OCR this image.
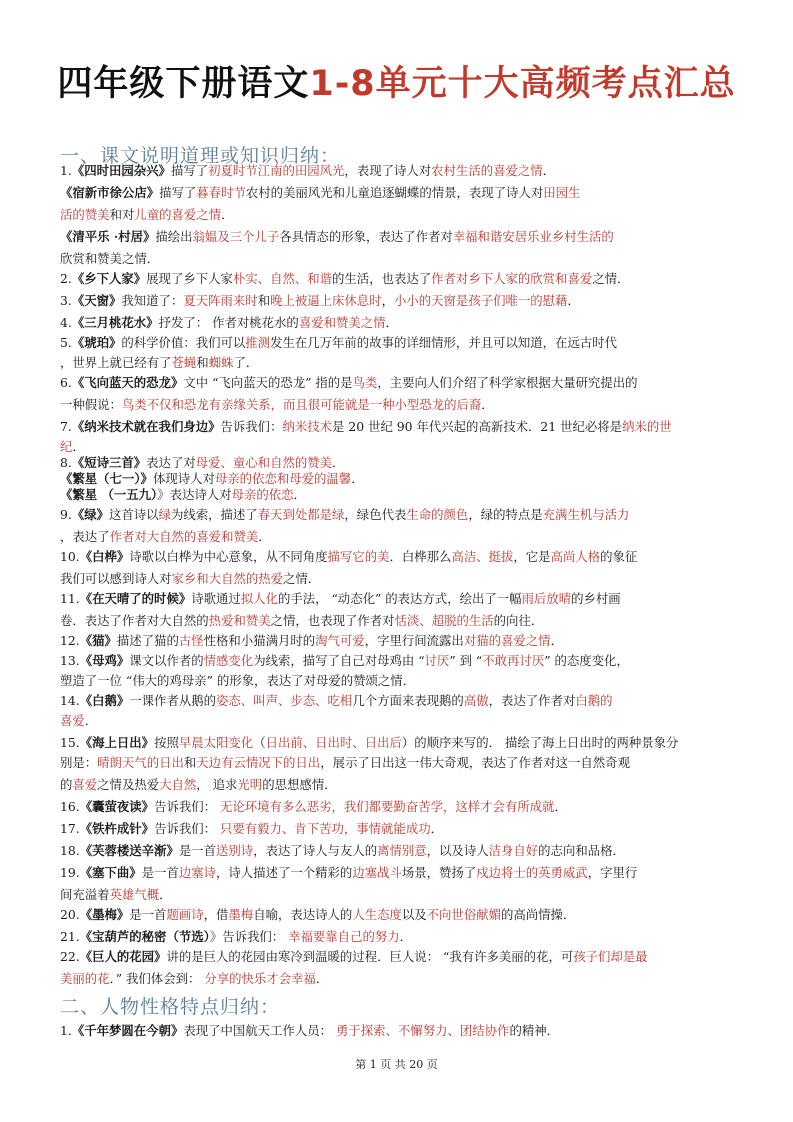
四年级下册语文1-8单元十大高频考点汇总
一、课文说明道理或知识归纳：
1.《四时田园杂兴》描写了初夏时节江南的田园风光，表现了诗人对农村生活的喜爱之情．
《宿新市徐公店》描写了暮春时节农村的美丽风光和儿童追逐蝴蝶的情景，表现了诗人对田园生
活的赞美和对儿童的喜爱之情．
《清平乐 ·村居》描绘出翁媪及三个儿子各具情态的形象，表达了作者对幸福和谐安居乐业乡村生活的
欣赏和赞美之情．
2.《乡下人家》展现了乡下人家朴实、自然、和谐的生活，也表达了作者对乡下人家的欣赏和喜爱之情．
3.《天窗》我知道了：夏天阵雨来时和晚上被逼上床休息时，小小的天窗是孩子们唯一的慰藉．
4.《三月桃花水》抒发了： 作者对桃花水的喜爱和赞美之情．
5.《琥珀》的科学价值：我们可以推测发生在几万年前的故事的详细情形，并且可以知道，在远古时代
，世界上就已经有了苍蝇和蜘蛛了．
6.《飞向蓝天的恐龙》文中 “飞向蓝天的恐龙” 指的是鸟类，主要向人们介绍了科学家根据大量研究提出的
一种假说：鸟类不仅和恐龙有亲缘关系，而且很可能就是一种小型恐龙的后裔．
7.《纳米技术就在我们身边》告诉我们：纳米技术是 20 世纪 90 年代兴起的高新技术．21 世纪必将是纳米的世
纪．
8.《短诗三首》表达了对母爱、童心和自然的赞美．
《繁星（七一）》体现诗人对母亲的依恋和母爱的温馨．
《繁星 （一五九）》表达诗人对母亲的依恋．
9.《绿》这首诗以绿为线索，描述了春天到处都是绿，绿色代表生命的颜色，绿的特点是充满生机与活力
，表达了作者对大自然的喜爱和赞美．
10.《白桦》诗歌以白桦为中心意象，从不同角度描写它的美．白桦那么高洁、挺拔，它是高尚人格的象征
我们可以感到诗人对家乡和大自然的热爱之情．
11.《在天晴了的时候》诗歌通过拟人化的手法， “动态化” 的表达方式，绘出了一幅雨后放晴的乡村画
卷．表达了作者对大自然的热爱和赞美之情，也表现了作者对恬淡、超脱的生活的向往．
12.《猫》描述了猫的古怪性格和小猫满月时的淘气可爱，字里行间流露出对猫的喜爱之情．
13.《母鸡》课文以作者的情感变化为线索，描写了自己对母鸡由 “讨厌” 到 “不敢再讨厌” 的态度变化，
塑造了一位 “伟大的鸡母亲” 的形象，表达了对母爱的赞颂之情．
14.《白鹅》一课作者从鹅的姿态、叫声、步态、吃相几个方面来表现鹅的高傲，表达了作者对白鹅的
喜爱．
15.《海上日出》按照早晨太阳变化（日出前、日出时、日出后）的顺序来写的． 描绘了海上日出时的两种景象分
别是：晴朗天气的日出和天边有云情况下的日出，展示了日出这一伟大奇观，表达了作者对这一自然奇观
的喜爱之情及热爱大自然， 追求光明的思想感情．
16.《囊萤夜读》告诉我们： 无论环境有多么恶劣，我们都要勤奋苦学，这样才会有所成就．
17.《铁杵成针》告诉我们： 只要有毅力、肯下苦功，事情就能成功．
18.《芙蓉楼送辛渐》是一首送别诗，表达了诗人与友人的离情别意，以及诗人洁身自好的志向和品格．
19.《塞下曲》是一首边塞诗，诗人描述了一个精彩的边塞战斗场景，赞扬了戍边将士的英勇威武，字里行
间充溢着英雄气概．
20.《墨梅》是一首题画诗，借墨梅自喻，表达诗人的人生态度以及不向世俗献媚的高尚情操．
21.《宝葫芦的秘密（节选）》告诉我们： 幸福要靠自己的努力．
22.《巨人的花园》讲的是巨人的花园由寒冷到温暖的过程．巨人说： “我有许多美丽的花，可孩子们却是最
美丽的花．” 我们体会到： 分享的快乐才会幸福．
1.《千年梦圆在今朝》表现了中国航天工作人员： 勇于探索、不懈努力、团结协作的精神．
二、人物性格特点归纳：
第 1 页 共 20 页
